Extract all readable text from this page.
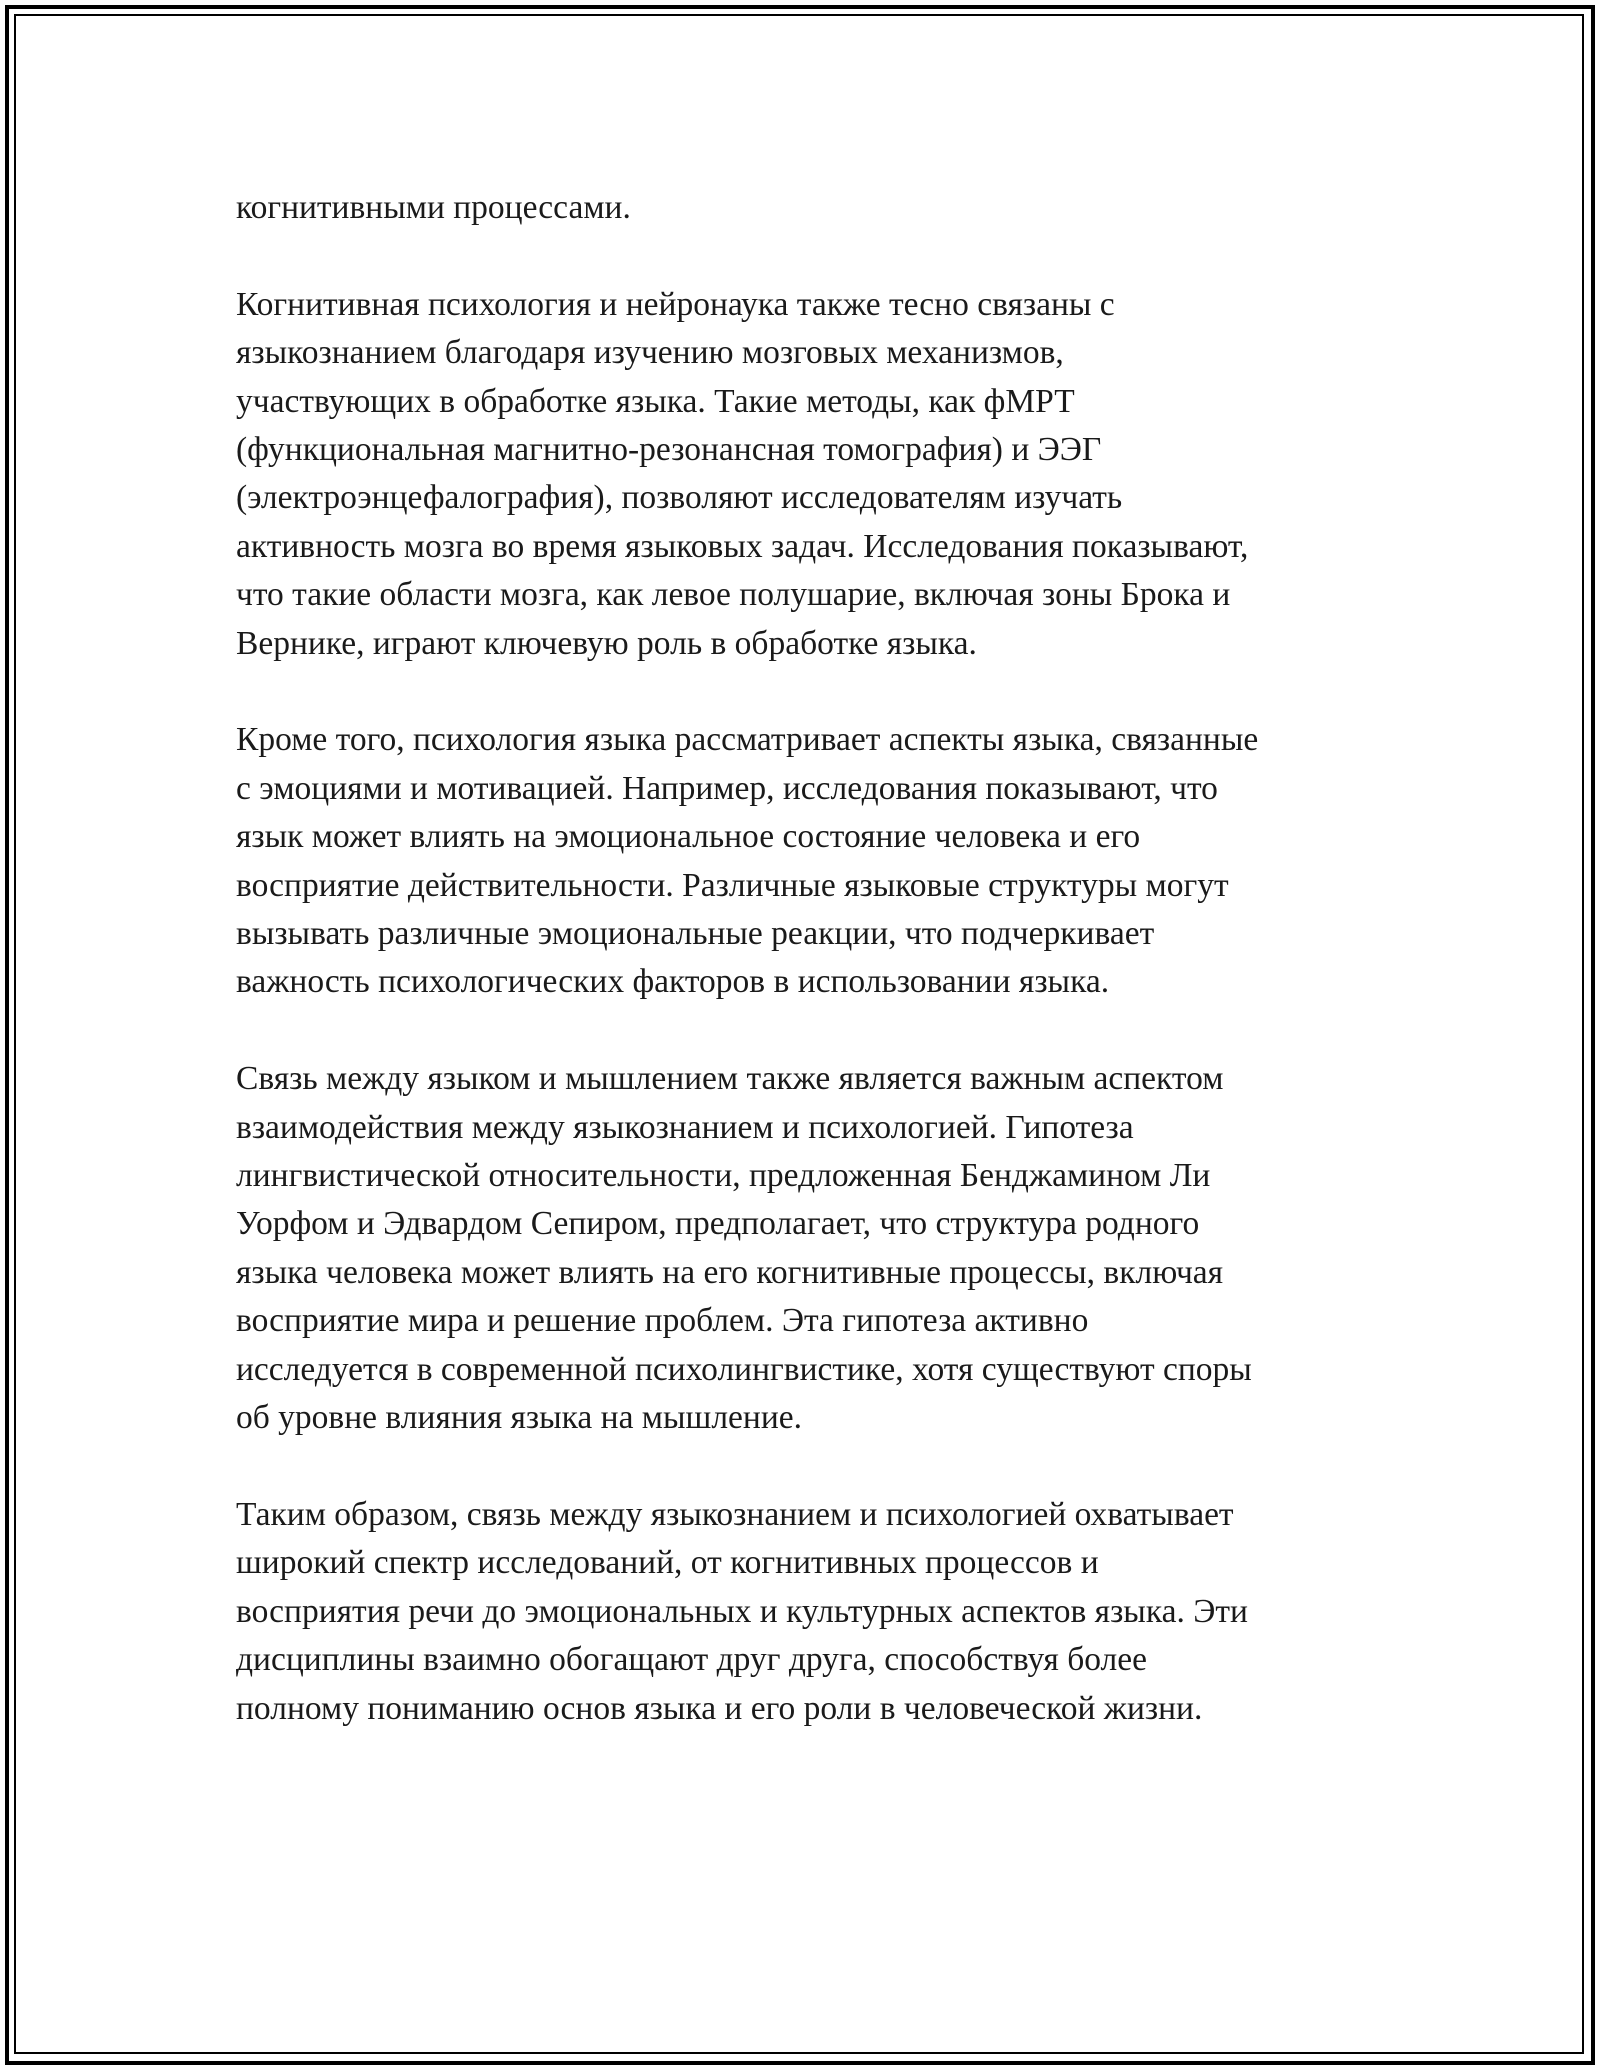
когнитивными процессами.

Когнитивная психология и нейронаука также тесно связаны с
языкознанием благодаря изучению мозговых механизмов,
участвующих в обработке языка. Такие методы, как фМРТ
(функциональная магнитно-резонансная томография) и ЭЭГ
(электроэнцефалография), позволяют исследователям изучать
активность мозга во время языковых задач. Исследования показывают,
что такие области мозга, как левое полушарие, включая зоны Брока и
Вернике, играют ключевую роль в обработке языка.

Кроме того, психология языка рассматривает аспекты языка, связанные
с эмоциями и мотивацией. Например, исследования показывают, что
язык может влиять на эмоциональное состояние человека и его
восприятие действительности. Различные языковые структуры могут
вызывать различные эмоциональные реакции, что подчеркивает
важность психологических факторов в использовании языка.

Связь между языком и мышлением также является важным аспектом
взаимодействия между языкознанием и психологией. Гипотеза
лингвистической относительности, предложенная Бенджамином Ли
Уорфом и Эдвардом Сепиром, предполагает, что структура родного
языка человека может влиять на его когнитивные процессы, включая
восприятие мира и решение проблем. Эта гипотеза активно
исследуется в современной психолингвистике, хотя существуют споры
об уровне влияния языка на мышление.

Таким образом, связь между языкознанием и психологией охватывает
широкий спектр исследований, от когнитивных процессов и
восприятия речи до эмоциональных и культурных аспектов языка. Эти
дисциплины взаимно обогащают друг друга, способствуя более
полному пониманию основ языка и его роли в человеческой жизни.
